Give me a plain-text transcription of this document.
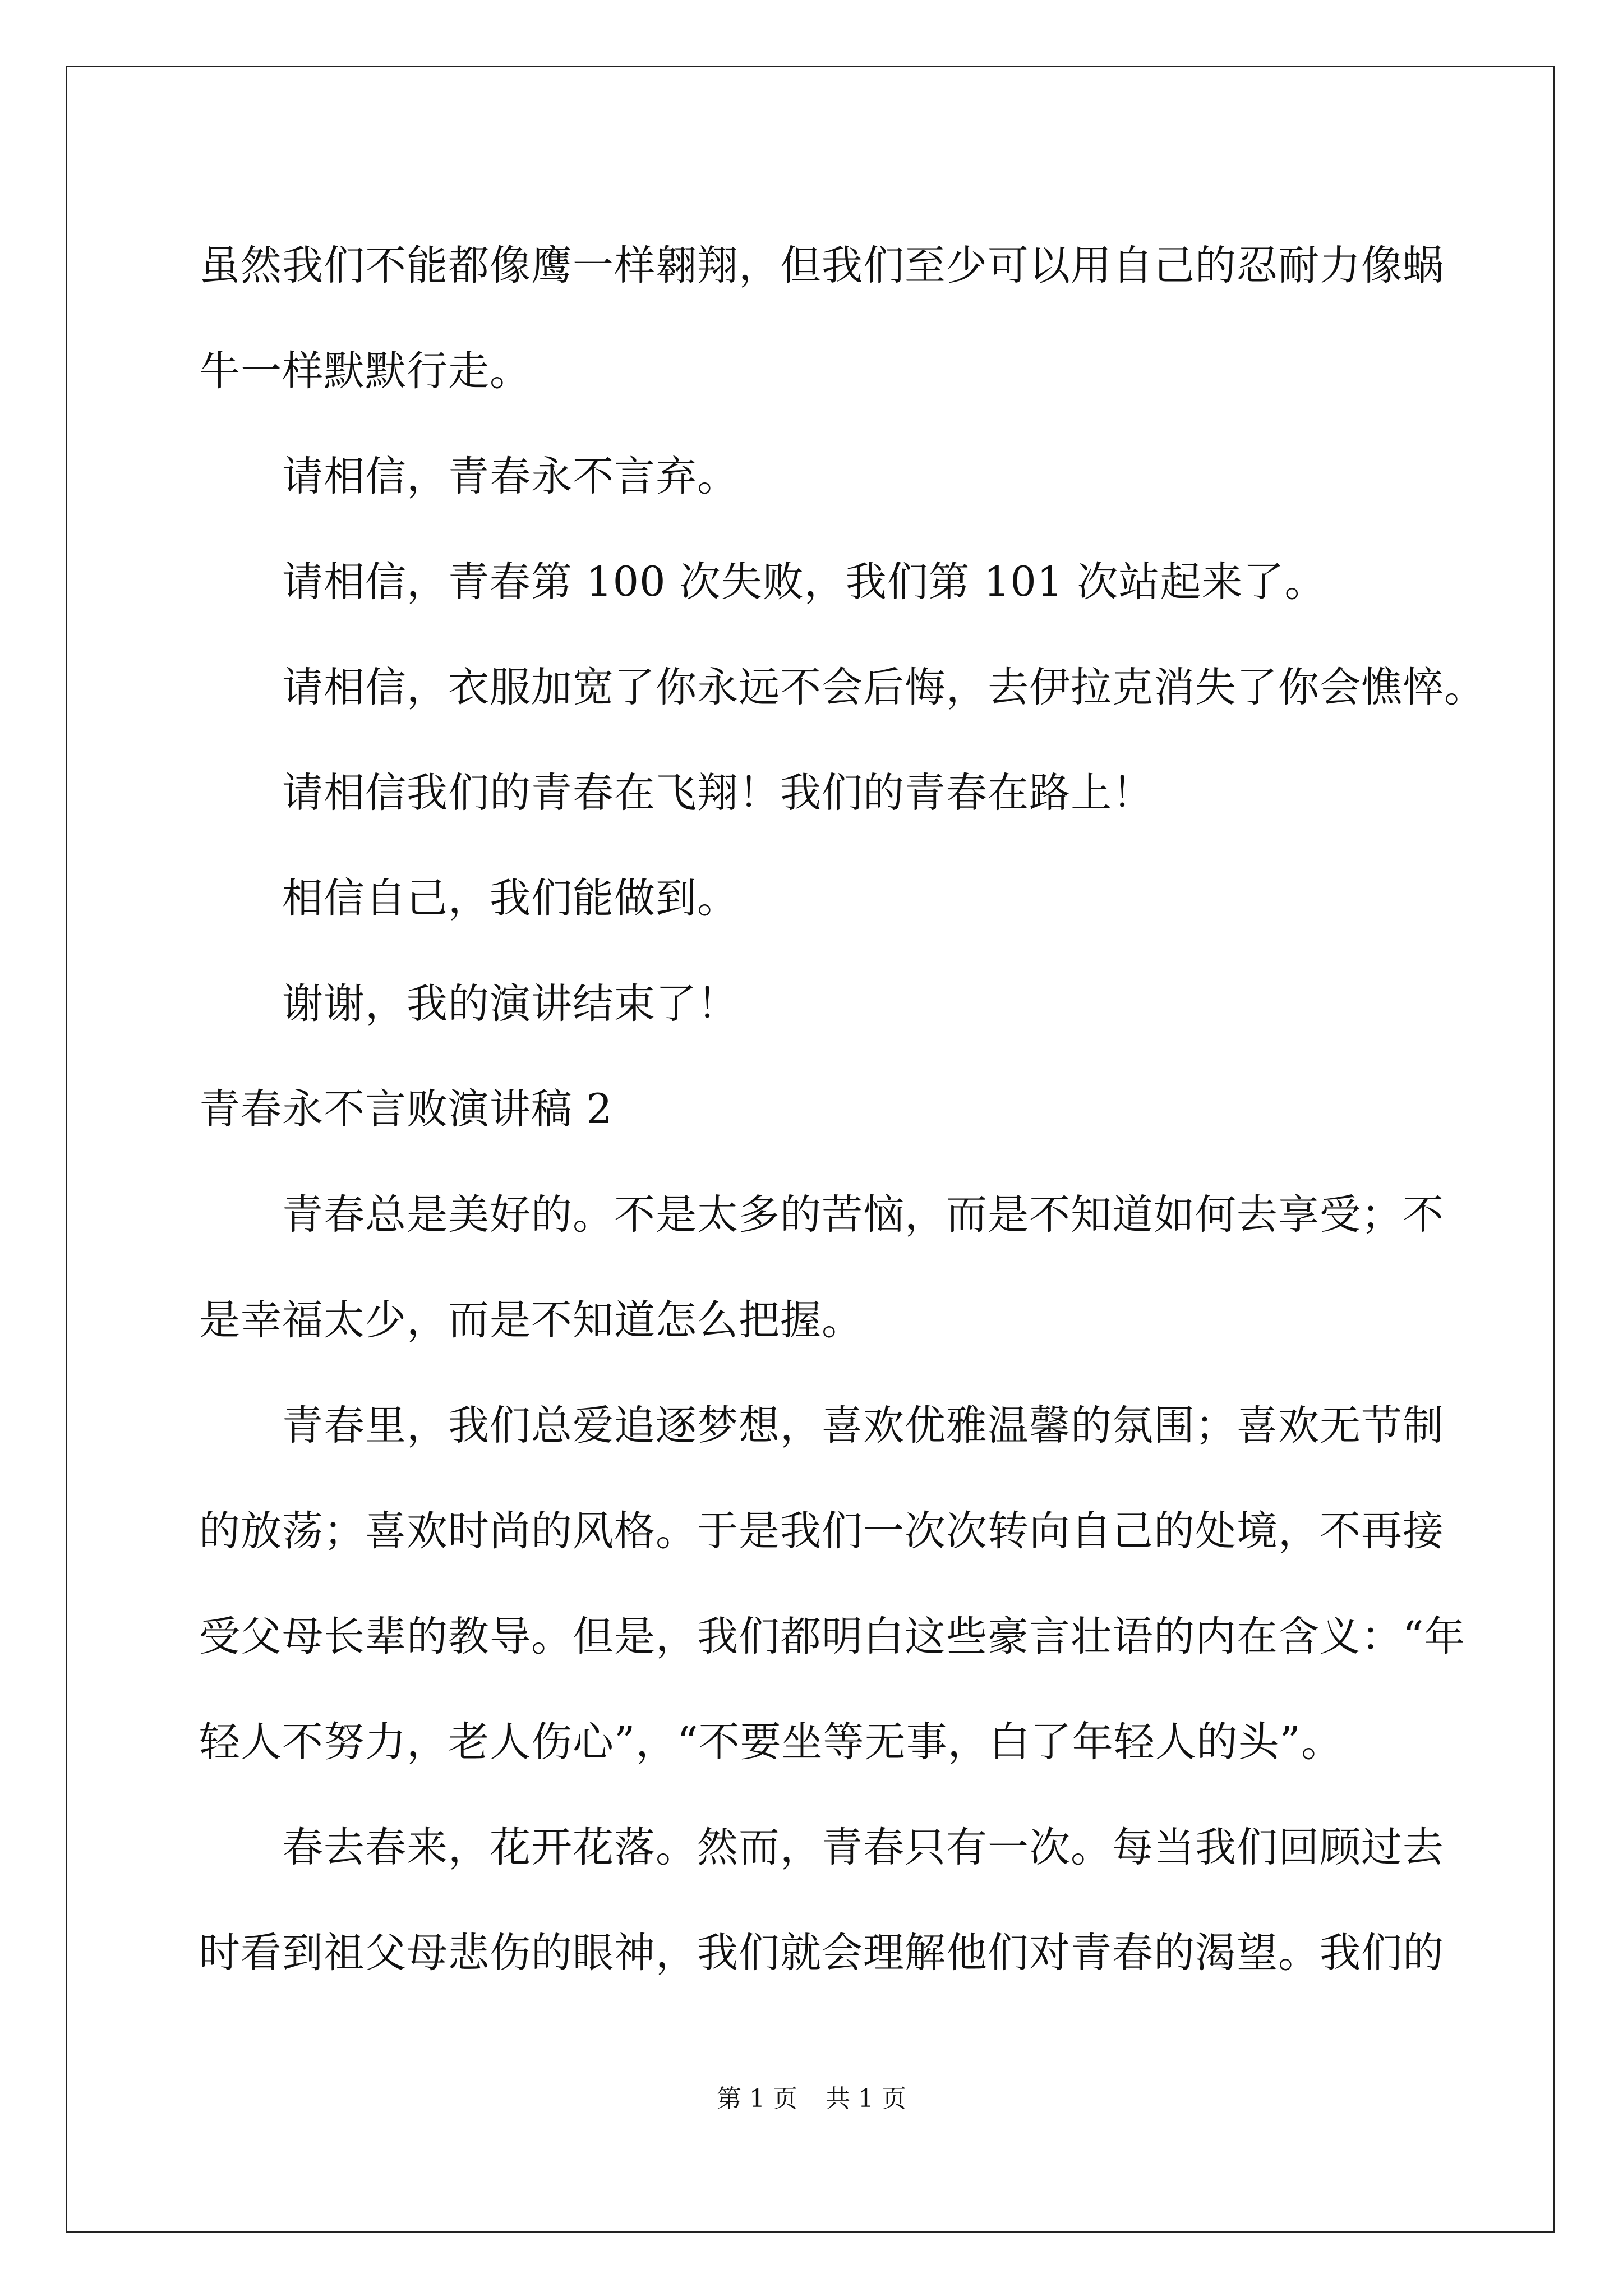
虽然我们不能都像鹰一样翱翔，但我们至少可以用自己的忍耐力像蜗
牛一样默默行走。
请相信，青春永不言弃。
请相信，青春第 100 次失败，我们第 101 次站起来了。
请相信，衣服加宽了你永远不会后悔，去伊拉克消失了你会憔悴。
请相信我们的青春在飞翔！我们的青春在路上！
相信自己，我们能做到。
谢谢，我的演讲结束了！
青春永不言败演讲稿 2
青春总是美好的。不是太多的苦恼，而是不知道如何去享受；不
是幸福太少，而是不知道怎么把握。
青春里，我们总爱追逐梦想，喜欢优雅温馨的氛围；喜欢无节制
的放荡；喜欢时尚的风格。于是我们一次次转向自己的处境，不再接
受父母长辈的教导。但是，我们都明白这些豪言壮语的内在含义：“年
轻人不努力，老人伤心”，“不要坐等无事，白了年轻人的头”。
春去春来，花开花落。然而，青春只有一次。每当我们回顾过去
时看到祖父母悲伤的眼神，我们就会理解他们对青春的渴望。我们的
第 1 页 共 1 页
